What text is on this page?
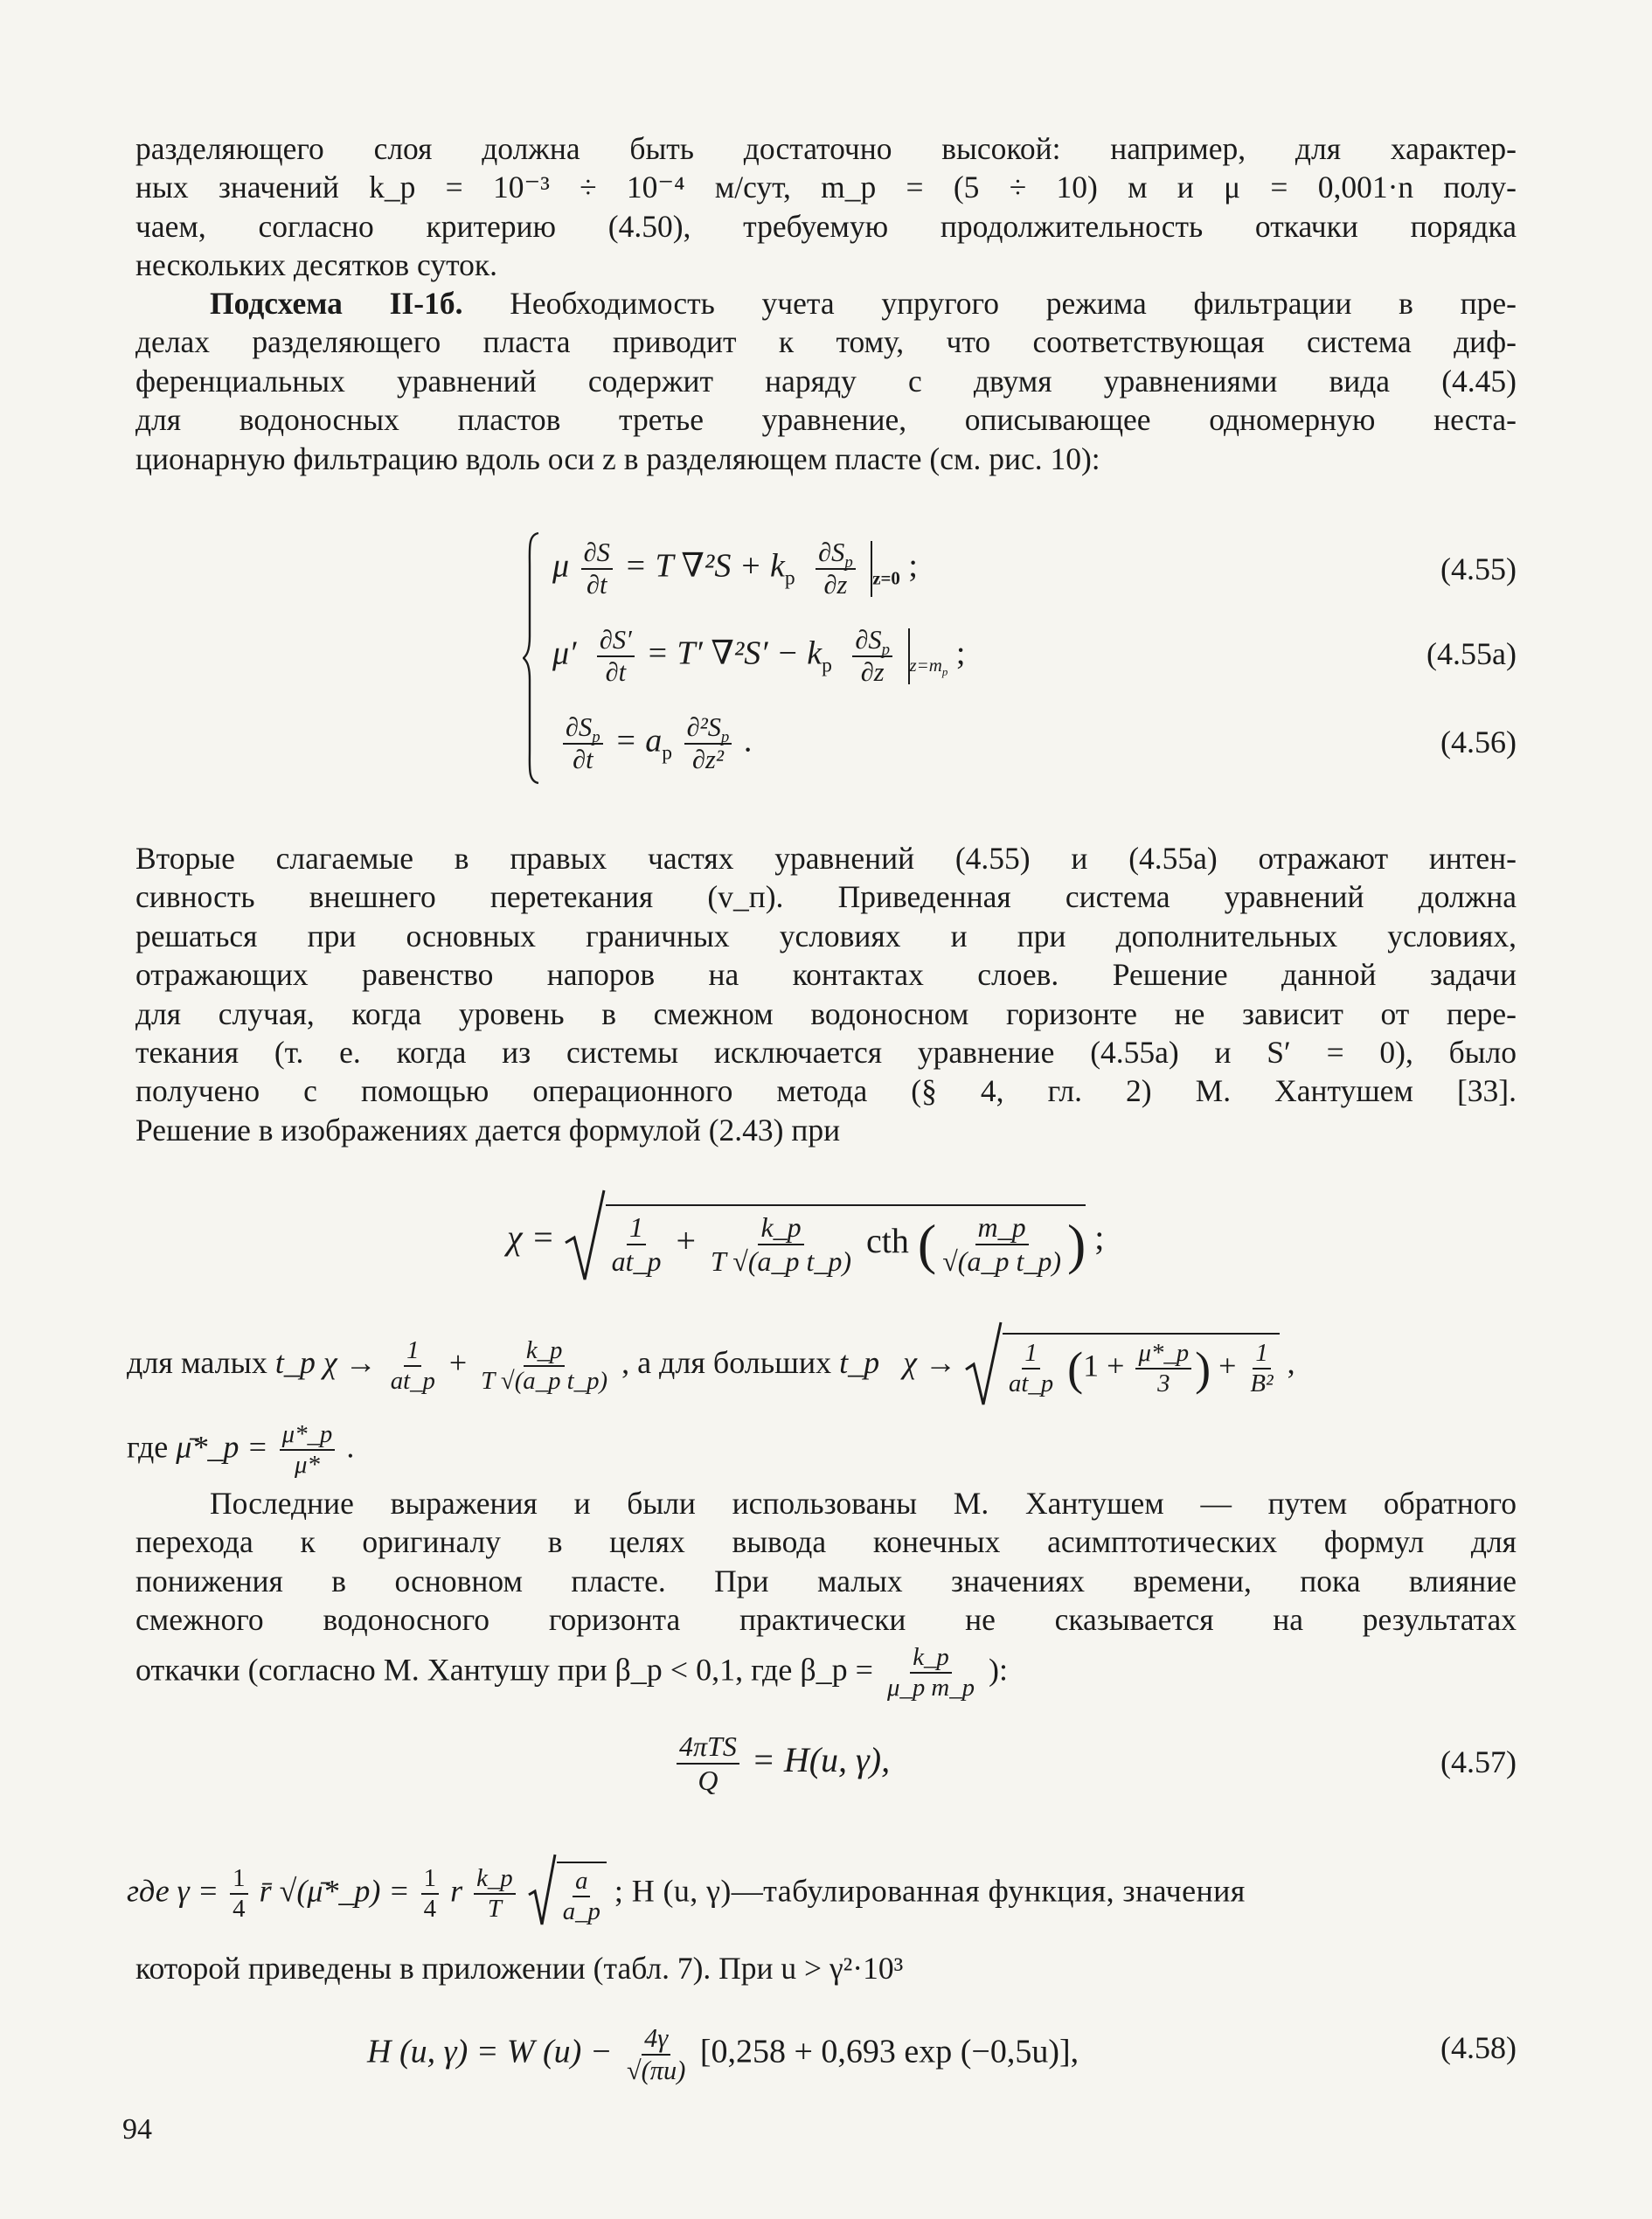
разделяющего слоя должна быть достаточно высокой: например, для характер-
ных значений k_р = 10⁻³ ÷ 10⁻⁴ м/сут, m_р = (5 ÷ 10) м и μ = 0,001·n полу-
чаем, согласно критерию (4.50), требуемую продолжительность откачки порядка
нескольких десятков суток.
Подсхема II-1б. Необходимость учета упругого режима фильтрации в пре-
делах разделяющего пласта приводит к тому, что соответствующая система диф-
ференциальных уравнений содержит наряду с двумя уравнениями вида (4.45)
для водоносных пластов третье уравнение, описывающее одномерную неста-
ционарную фильтрацию вдоль оси z в разделяющем пласте (см. рис. 10):
μ $\frac{\partial S}{\partial t} = T$ $\nabla^2S + k_р \frac{\partial S_р}{\partial z} _{z=0}$ ;	(4.55)
$\mu' \frac{\partial S'}{\partial t} = T'$ $\nabla^2S' - k_р \frac{\partial S_р}{\partial z} _{z=m_р}$ ;	(4.55a)
$\frac{\partial S_р}{\partial t} = a_р \frac{\partial^2S_р}{\text{∂z²}}$ .	(4.56)
Вторые слагаемые в правых частях уравнений (4.55) и (4.55a) отражают интен-
сивность внешнего перетекания (v_п). Приведенная система уравнений должна
решаться при основных граничных условиях и при дополнительных условиях,
отражающих равенство напоров на контактах слоев. Решение данной задачи
для случая, когда уровень в смежном водоносном горизонте не зависит от пере-
текания (т. е. когда из системы исключается уравнение (4.55a) и S′ = 0), было
получено с помощью операционного метода (§ 4, гл. 2) М. Хантушем [33].
Решение в изображениях дается формулой (2.43) при
$\chi = \frac{1}{at\_р} + \frac{k\_р}{\text{T √(a\_р t\_р)}}$ cth ( $\frac{m\_р}{\text{√(a\_р t\_р)}}$ ) ;
для малых t_р $\chi \to \frac{1}{at\_р} + \frac{k\_р}{\text{T √(a\_р t\_р)}}$ , а для больших t_р $\chi \to \frac{1}{at\_р} (1 + \frac{\mu*\_р}{3}$ ) + $\frac{1}{\text{B²}}$ ,
где μ̄*_р = $\frac{\mu*\_р}{\mu*}$ .
Последние выражения и были использованы М. Хантушем — путем обратного
перехода к оригиналу в целях вывода конечных асимптотических формул для
понижения в основном пласте. При малых значениях времени, пока влияние
смежного водоносного горизонта практически не сказывается на результатах
откачки (согласно М. Хантушу при β_р < 0,1, где β_р = $\frac{k\_р}{\text{μ\_р m\_р}}$ ):
$\frac{\text{4πTS}}{Q} = H(u$, γ),	(4.57)
где $\gamma = \frac{1}{4}$ r̄ √(μ̄*_р) = $\frac{1}{4}$ r $\frac{k\_р}{T}$
$\frac{a}{a\_р}$ ; H (u, γ)—табулированная функция, значения
которой приведены в приложении (табл. 7). При u > γ²·10³
H (u, γ) = W $(u) - \frac{4\gamma}{√(\pi u)} [0,258 + 0,693$ exp (−0,5u)],	(4.58)
94
